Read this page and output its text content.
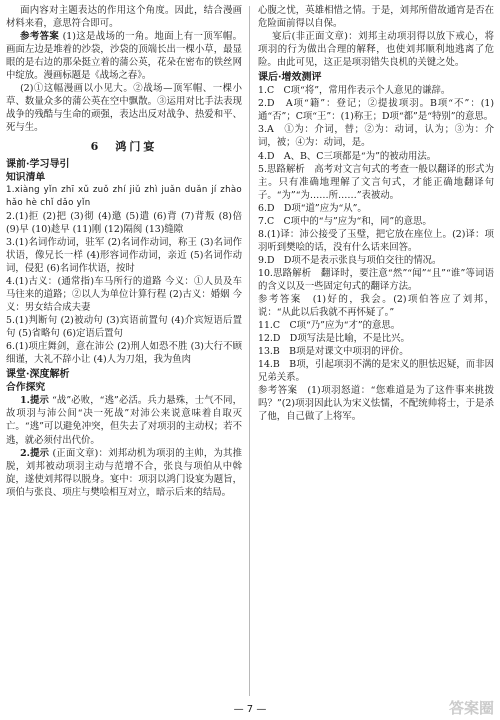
面内容对主题表达的作用这个角度。因此，结合漫画材料来看，意思符合即可。

参考答案 (1)这是战场的一角。地面上有一顶军帽。画面左边是堆着的沙袋，沙袋的顶端长出一棵小草，最显眼的是右边的那朵挺立着的蒲公英，花朵在密布的铁丝网中绽放。漫画标题是《战场之春》。

(2)①这幅漫画以小见大。②战场—顶军帽、一棵小草、数量众多的蒲公英在空中飘散。③运用对比手法表现战争的残酷与生命的顽强，表达出反对战争、热爱和平、死与生。

6　鸿门宴
课前·学习导引
知识清单

1.xiàng yǐn zhī xǔ zuǒ zhí jiǔ zhì juǎn duǎn jí zhào hǎo hè chǐ dǎo yǐn

2.(1)拒 (2)把 (3)彻 (4)邀 (5)遣 (6)背 (7)背叛 (8)倍 (9)早 (10)趁早 (11)刚 (12)隔阂 (13)缝隙

3.(1)名词作动词，驻军 (2)名词作动词，称王 (3)名词作状语，像兄长一样 (4)形容词作动词，亲近 (5)名词作动词，侵犯 (6)名词作状语，按时

4.(1)古义：(通常指)车马所行的道路 今义：①人员及车马往来的道路；②以人为单位计算行程 (2)古义：婚姻 今义：男女结合成夫妻

5.(1)判断句 (2)被动句 (3)宾语前置句 (4)介宾短语后置句 (5)省略句 (6)定语后置句

6.(1)项庄舞剑，意在沛公 (2)刑人如恐不胜 (3)大行不顾细谨，大礼不辞小让 (4)人为刀俎，我为鱼肉

课堂·深度解析
合作探究

1.提示 “战”必败，“逃”必活。兵力悬殊，士气不同，故项羽与沛公间“决一死战”对沛公来说意味着自取灭亡。“逃”可以避免冲突，但失去了对项羽的主动权；若不逃，就必须付出代价。

2.提示 (正面文章)：刘邦动机为项羽的主帅，为其推脱，刘邦被动项羽主动与范增不合，张良与项伯从中斡旋，遂使刘邦得以脱身。宴中：项羽以鸿门设宴为题旨，项伯与张良、项庄与樊哙相互对立，暗示后来的结局。

心腹之忧，英雄相惜之情。于是，刘邦所借故通宵是否在危险面前得以自保。

宴后(非正面文章)：刘邦主动项羽得以放下戒心，将项羽的行为做出合理的解释，也使刘邦顺利地逃离了危险。由此可见，这正是项羽错失良机的关键之处。

课后·增效测评

1.C　C项“将”，常用作表示个人意见的谦辞。

2.D　A项“籍”：登记；②提拔项羽。B项“不”：(1)通“否”；C项“王”：(1)称王；D项“都”是“特别”的意思。

3.A　①为：介词，替；②为：动词，认为；③为：介词，被；④为：动词，是。

4.D　A、B、C三项都是“为”的被动用法。

5.思路解析　高考对文言句式的考查一般以翻译的形式为主。只有准确地理解了文言句式，才能正确地翻译句子。“为”“为……所……”表被动。

6.D　D项“道”应为“从”。

7.C　C项中的“与”应为“和，同”的意思。

8.(1)译：沛公接受了玉璧，把它放在座位上。(2)译：项羽听到樊哙的话，没有什么话来回答。

9.D　D项不是表示张良与项伯交往的情况。

10.思路解析　翻译时，要注意“然”“闻”“且”“谁”等词语的含义以及一些固定句式的翻译方法。

参考答案　(1)好的，我会。(2)项伯答应了刘邦，说：“从此以后我就不再怀疑了。”

11.C　C项“乃”应为“才”的意思。

12.D　D项写法是比喻，不是比兴。

13.B　B项是对课文中项羽的评价。

14.B　B项，引起项羽不满的是宋义的胆怯迟疑，而非因兄弟关系。

参考答案　(1)项羽怒道：“您难道是为了这件事来挑拨吗？”(2)项羽因此认为宋义怯懦，不配统帅将士，于是杀了他，自己做了上将军。

— 7 —	答案圈
